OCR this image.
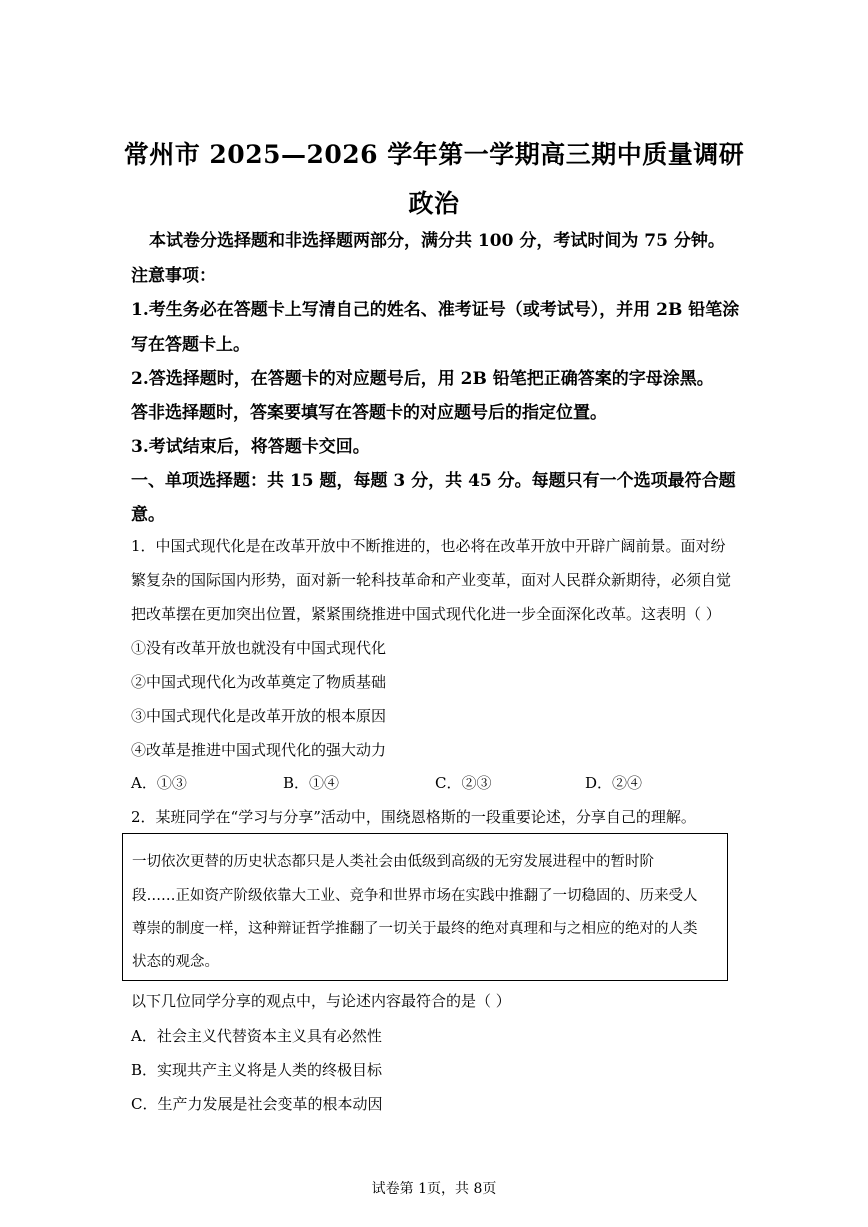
常州市 2025—2026 学年第一学期高三期中质量调研
政治
本试卷分选择题和非选择题两部分，满分共 100 分，考试时间为 75 分钟。
注意事项：
1.考生务必在答题卡上写清自己的姓名、准考证号（或考试号），并用 2B 铅笔涂
写在答题卡上。
2.答选择题时，在答题卡的对应题号后，用 2B 铅笔把正确答案的字母涂黑。
答非选择题时，答案要填写在答题卡的对应题号后的指定位置。
3.考试结束后，将答题卡交回。
一、单项选择题：共 15 题，每题 3 分，共 45 分。每题只有一个选项最符合题
意。
1．中国式现代化是在改革开放中不断推进的，也必将在改革开放中开辟广阔前景。面对纷
繁复杂的国际国内形势，面对新一轮科技革命和产业变革，面对人民群众新期待，必须自觉
把改革摆在更加突出位置，紧紧围绕推进中国式现代化进一步全面深化改革。这表明（ ）
①没有改革开放也就没有中国式现代化
②中国式现代化为改革奠定了物质基础
③中国式现代化是改革开放的根本原因
④改革是推进中国式现代化的强大动力
A．①③	B．①④	C．②③	D．②④
2．某班同学在“学习与分享”活动中，围绕恩格斯的一段重要论述，分享自己的理解。
一切依次更替的历史状态都只是人类社会由低级到高级的无穷发展进程中的暂时阶
段……正如资产阶级依靠大工业、竞争和世界市场在实践中推翻了一切稳固的、历来受人
尊崇的制度一样，这种辩证哲学推翻了一切关于最终的绝对真理和与之相应的绝对的人类
状态的观念。
以下几位同学分享的观点中，与论述内容最符合的是（ ）
A．社会主义代替资本主义具有必然性
B．实现共产主义将是人类的终极目标
C．生产力发展是社会变革的根本动因
试卷第 1页，共 8页
